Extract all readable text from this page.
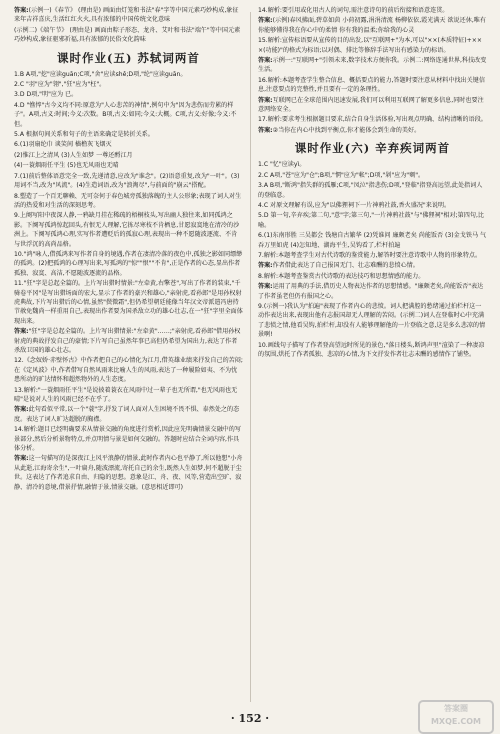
答案:(示例一)《春节》 (理由是) 画面由灯笼和书法"春"字等中国元素巧妙构成,象征来年吉祥喜庆,生活红红火火,具有浓郁的中国传统文化意味
(示例二)《端午节》 (理由是) 画面由粽子形态、龙舟、艾叶和书法"端午"等中国元素巧妙构成,象征驱邪祈福,具有浓郁的民俗文化韵味
课时作业(五) 苏轼词两首
1.B A项,"挖"应读guān;C项,"舍"应读shě;D项,"纶"应读guān。
2.C "羽"应为"翎","狂"应为"枉"。
3.D D项,"明"应为 已。
4.D "憔悴"古今义均不同:原意为"人心悲苦的神情",例句中为"因为悲伤而劳累的样子"。A项,古义:时间;今义:次数。B项,古义:如同;今义:大概。C项,古义:好像;今义:不但。
5.A 根据句间关系和句子的主语来确定是转折关系。
6.(1)羽扇纶巾 谈笑间 樯橹灰飞烟灭
(2)惟江上之清风 (3)人生如梦 一尊还酹江月
(4)一蓑烟雨任平生 (5)也无风雨也无晴
7.(1)前后整体语意完全一致,先递清意,应改为"谁念"。(2)语意重复,改为"一叶"。(3)用词不当,改为"风流"。(4)生造词语,改为"浪淘尽",与前面的"崩云"搭配。
8.塑造了一个百无聊赖、无可奈何于春色城旁孤独落魄的主人公形象;表现了词人对生活的热爱和对生活的深刻思考。
9.上阕写阳中夜深人静,一鸦缺月挂在稀疏的梧桐枝头,写出幽人独往来,如同孤鸿之影。下阕写孤鸿惊起回头,有恨无人理解,它拣尽寒枝不肯栖息,甘愿寂寞地在清冷的沙洲上。下阕写孤鸿心理,实写作者遭贬后的孤寂心理,表现出一种不愿随波逐流、不肯与世浮沉的高尚品格。
10."鸿"咏人,借孤鸿来写作者自身的境遇,作者在凄清冷落的夜色中,孤独之影如同缥缈的孤鸿。(2)把孤鸿的心理写出来,写孤鸿的"惊""恨""不肯",正是作者的心态,显出作者孤独、寂寞、高洁,不愿随波逐流的品格。
11."狂"字是总起全篇的。上片写出猎时情景:"左牵黄,右擎苍",写出了作者的装束,"千骑卷平冈"是写出猎场面的宏大,显示了作者的豪兴和雄心,"亲射虎,看孙郎"是用孙权射虎典故,下片写出猎后的心情,虽然"鬓微霜",但仍希望朝廷能像当年汉文帝派遣冯唐持节赦免魏尚一样重用自己,表现出作者要为国杀敌立功的雄心壮志,在一"狂"字里全面体现出来。
答案:"狂"字是总起全篇的。上片写出猎情景:"左牵黄"……;"亲射虎,看孙郎"借用孙权射虎的典故抒发自己的豪情;下片写自己虽然年事已高但仍希望为国出力,表达了作者杀敌卫国的雄心壮志。
12.《念奴娇·赤壁怀古》中作者把自己的心情化为江月,借英雄业绩来抒发自己的苦闷;在《定风波》中,作者借写自然风雨来比喻人生的风雨,表达了一种履险如夷、不为忧患所动的旷达情怀和超然物外的人生态度。
13.解析:"一蓑烟雨任平生"是说披着蓑衣在风雨中过一辈子也无所谓,"也无风雨也无晴"是说对人生的风雨已经不在乎了。
答案:此句看似平常,以一个"蓑"字,抒发了词人面对人生困境不畏不惧、泰然处之的态度。表达了词人旷达超脱的胸襟。
14.解析:题目已经明确要求从情景交融的角度进行赏析,因此应先明确情景交融中的写景部分,然后分析景物特点,并点明情与景是如何交融的。答题时应结合全词内容,作具体分析。
答案:这一句描写的是深夜江上风平浪静的情景,此时作者内心也平静了,所以他想"小舟从此逝,江海寄余生",一叶扁舟,随波漂流,寄托自己的余生,既然人生如梦,何不超脱于尘世。这表达了作者追求自由、归隐的思想。意象是江、舟、夜、风等,营造出空旷、寂静、清冷的意境,借景抒情,融情于景,情景交融。(意思相近即可)
14.解析:要引用或化用古人的词句,需注意诗句的前后衔接和语意连贯。
答案:(示例)春风拂面,碧草如茵 小荷初露,涓涓清流 杨柳依依,霞光满天 欲说还休,唯有你能够懂得我在你心中的柔情 你有我的温柔;你给我的心灵
15.解析:宣传标语要从宣传的目的出发,以"互联网+"为本,可以"××(本质特征)+×××(功能)"的格式为标语;以对偶、排比等修辞手法写出有感染力的标语。
答案:示例一:"互联网+"引领未来,数字技术方便你我。示例二:网络连通世界,科技改变生活。
16.解析:本题考查学生整合信息、概括要点的能力,答题时要注意从材料中找出关键信息,注意要点的完整性,并且要有一定的条理性。
答案:互联网已在全球范围内迅速发展,我们可以利用互联网了解更多信息,同时也要注意网络安全。
17.解析:要求考生根据题目要求,结合自身生活体验,写出观点明确、结构清晰的语段。
答案:②当你在内心中找到平衡点,你才能体会到生命的美好。
课时作业(六) 辛弃疾词两首
1.C "忆"应读yì。
2.C A项,"苍"应为"仓";B项,"惘"应为"帐";D项,"剁"应为"剜"。
3.A B项,"断鸿"指失群的孤雁;C项,"凤泣"指悲伤;D项,"登临"指登高远望,此处指词人的登临意。
4.C 对原文理解有误,应为"以佛狸祠下一片神鸦社鼓,香火盛况"来说明。
5.D 第一句,辛弃疾;第二句,"意"字;第三句,"一片神鸦社鼓"与"佛狸祠"相对;第四句,比喻。
6.(1)东南形胜 三吴都会 钱塘自古繁华 (2)凭谁问 廉颇老矣 尚能饭否 (3)金戈铁马 气吞万里如虎 (4)怎知地、湖海平生,吴钩看了,栏杆拍遍
7.解析:本题考查学生对古代诗歌的鉴赏能力,解答时要注意诗歌中人物的形象特点。
答案:作者借此表达了自己报国无门、壮志难酬的悲愤心情。
8.解析:本题考查鉴赏古代诗歌的表达技巧和思想情感的能力。
答案:运用了用典的手法,借历史人物表达作者的思想情感。"廉颇老矣,尚能饭否"表达了作者虽老但仍有报国之心。
9.(示例一)我认为"拍遍"表现了作者内心的悲愤。词人把满腔的愁绪通过拍栏杆这一动作表达出来,表现出他有志报国却无人理解的苦闷。(示例二)词人在登临时心中充满了悲愤之情,他看吴钩,拍栏杆,却没有人能够理解他的一片登临之意,这是多么悲凉的情景啊!
10.画线句子描写了作者登高望远时所见的景色,"落日楼头,断鸿声里"渲染了一种凄凉的氛围,烘托了作者孤独、悲凉的心情,为下文抒发作者壮志未酬的感情作了铺垫。
· 152 ·
答案圈 MXQE.COM
